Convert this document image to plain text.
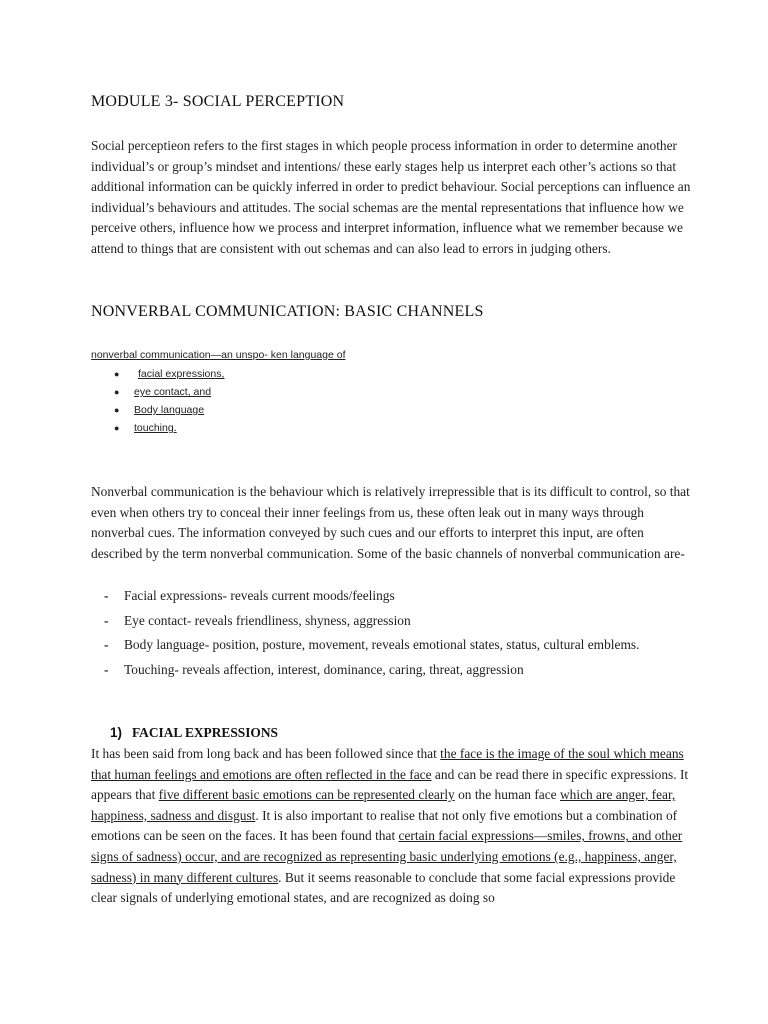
MODULE 3- SOCIAL PERCEPTION
Social perceptieon refers to the first stages in which people process information in order to determine another individual’s or group’s mindset and intentions/ these early stages help us interpret each other’s actions so that additional information can be quickly inferred in order to predict behaviour. Social perceptions can influence an individual’s behaviours and attitudes. The social schemas are the mental representations that influence how we perceive others, influence how we process and interpret information, influence what we remember because we attend to things that are consistent with out schemas and can also lead to errors in judging others.
NONVERBAL COMMUNICATION: BASIC CHANNELS
nonverbal communication—an unspo- ken language of
● facial expressions,
● eye contact, and
● Body language
● touching.
Nonverbal communication is the behaviour which is relatively irrepressible that is its difficult to control, so that even when others try to conceal their inner feelings from us, these often leak out in many ways through nonverbal cues. The information conveyed by such cues and our efforts to interpret this input, are often described by the term nonverbal communication. Some of the basic channels of nonverbal communication are-
- Facial expressions- reveals current moods/feelings
- Eye contact- reveals friendliness, shyness, aggression
- Body language- position, posture, movement, reveals emotional states, status, cultural emblems.
- Touching- reveals affection, interest, dominance, caring, threat, aggression
1) FACIAL EXPRESSIONS
It has been said from long back and has been followed since that the face is the image of the soul which means that human feelings and emotions are often reflected in the face and can be read there in specific expressions. It appears that five different basic emotions can be represented clearly on the human face which are anger, fear, happiness, sadness and disgust. It is also important to realise that not only five emotions but a combination of emotions can be seen on the faces. It has been found that certain facial expressions—smiles, frowns, and other signs of sadness) occur, and are recognized as representing basic underlying emotions (e.g., happiness, anger, sadness) in many different cultures. But it seems reasonable to conclude that some facial expressions provide clear signals of underlying emotional states, and are recognized as doing so
